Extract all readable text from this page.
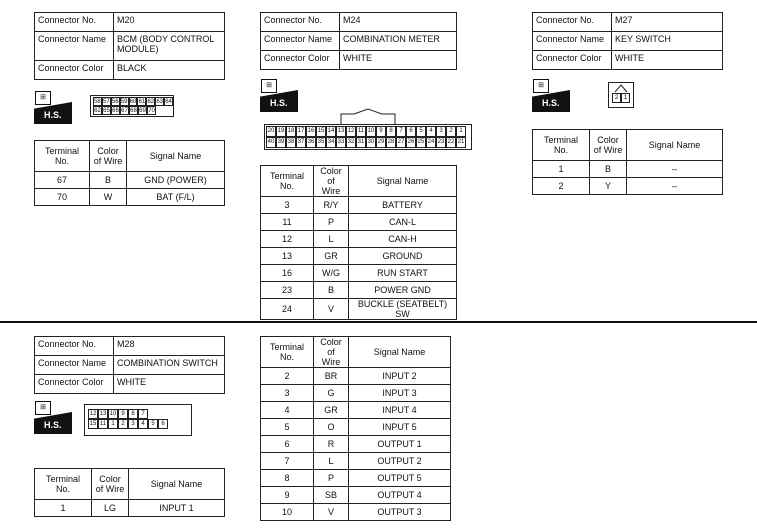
Connector No.	M20
Connector Name	BCM (BODY CONTROL MODULE)
Connector Color	BLACK
⊞
H.S.
58 57 56 59 60 61 62 63 64
62 65 66 67 68 69 70
Terminal No.	Color of Wire	Signal Name
67	B	GND (POWER)
70	W	BAT (F/L)
Connector No.	M24
Connector Name	COMBINATION METER
Connector Color	WHITE
⊞
H.S.
20 19 18 17 16 15 14 13 12 11 10 9	8	7	6	5	4	3	2	1
40 39 38 37 36 35 34 33 32 31 30 29 28 27 26 25 24 23 22 21
Terminal No.	Color of Wire	Signal Name
3	R/Y	BATTERY
11	P	CAN-L
12	L	CAN-H
13	GR	GROUND
16	W/G	RUN START
23	B	POWER GND
24	V	BUCKLE (SEATBELT) SW
Connector No.	M27
Connector Name	KEY SWITCH
Connector Color	WHITE
⊞
H.S.	2 1
Terminal No.	Color of Wire	Signal Name
1	B	–
2	Y	–
Connector No.	M28
Connector Name	COMBINATION SWITCH
Connector Color	WHITE
⊞
H.S.
12 13 10 9	8	7
15 11 1	2	3	4	5	6
Terminal No.	Color of Wire	Signal Name
1	LG	INPUT 1
Terminal No.	Color of Wire	Signal Name
2	BR	INPUT 2
3	G	INPUT 3
4	GR	INPUT 4
5	O	INPUT 5
6	R	OUTPUT 1
7	L	OUTPUT 2
8	P	OUTPUT 5
9	SB	OUTPUT 4
10	V	OUTPUT 3
